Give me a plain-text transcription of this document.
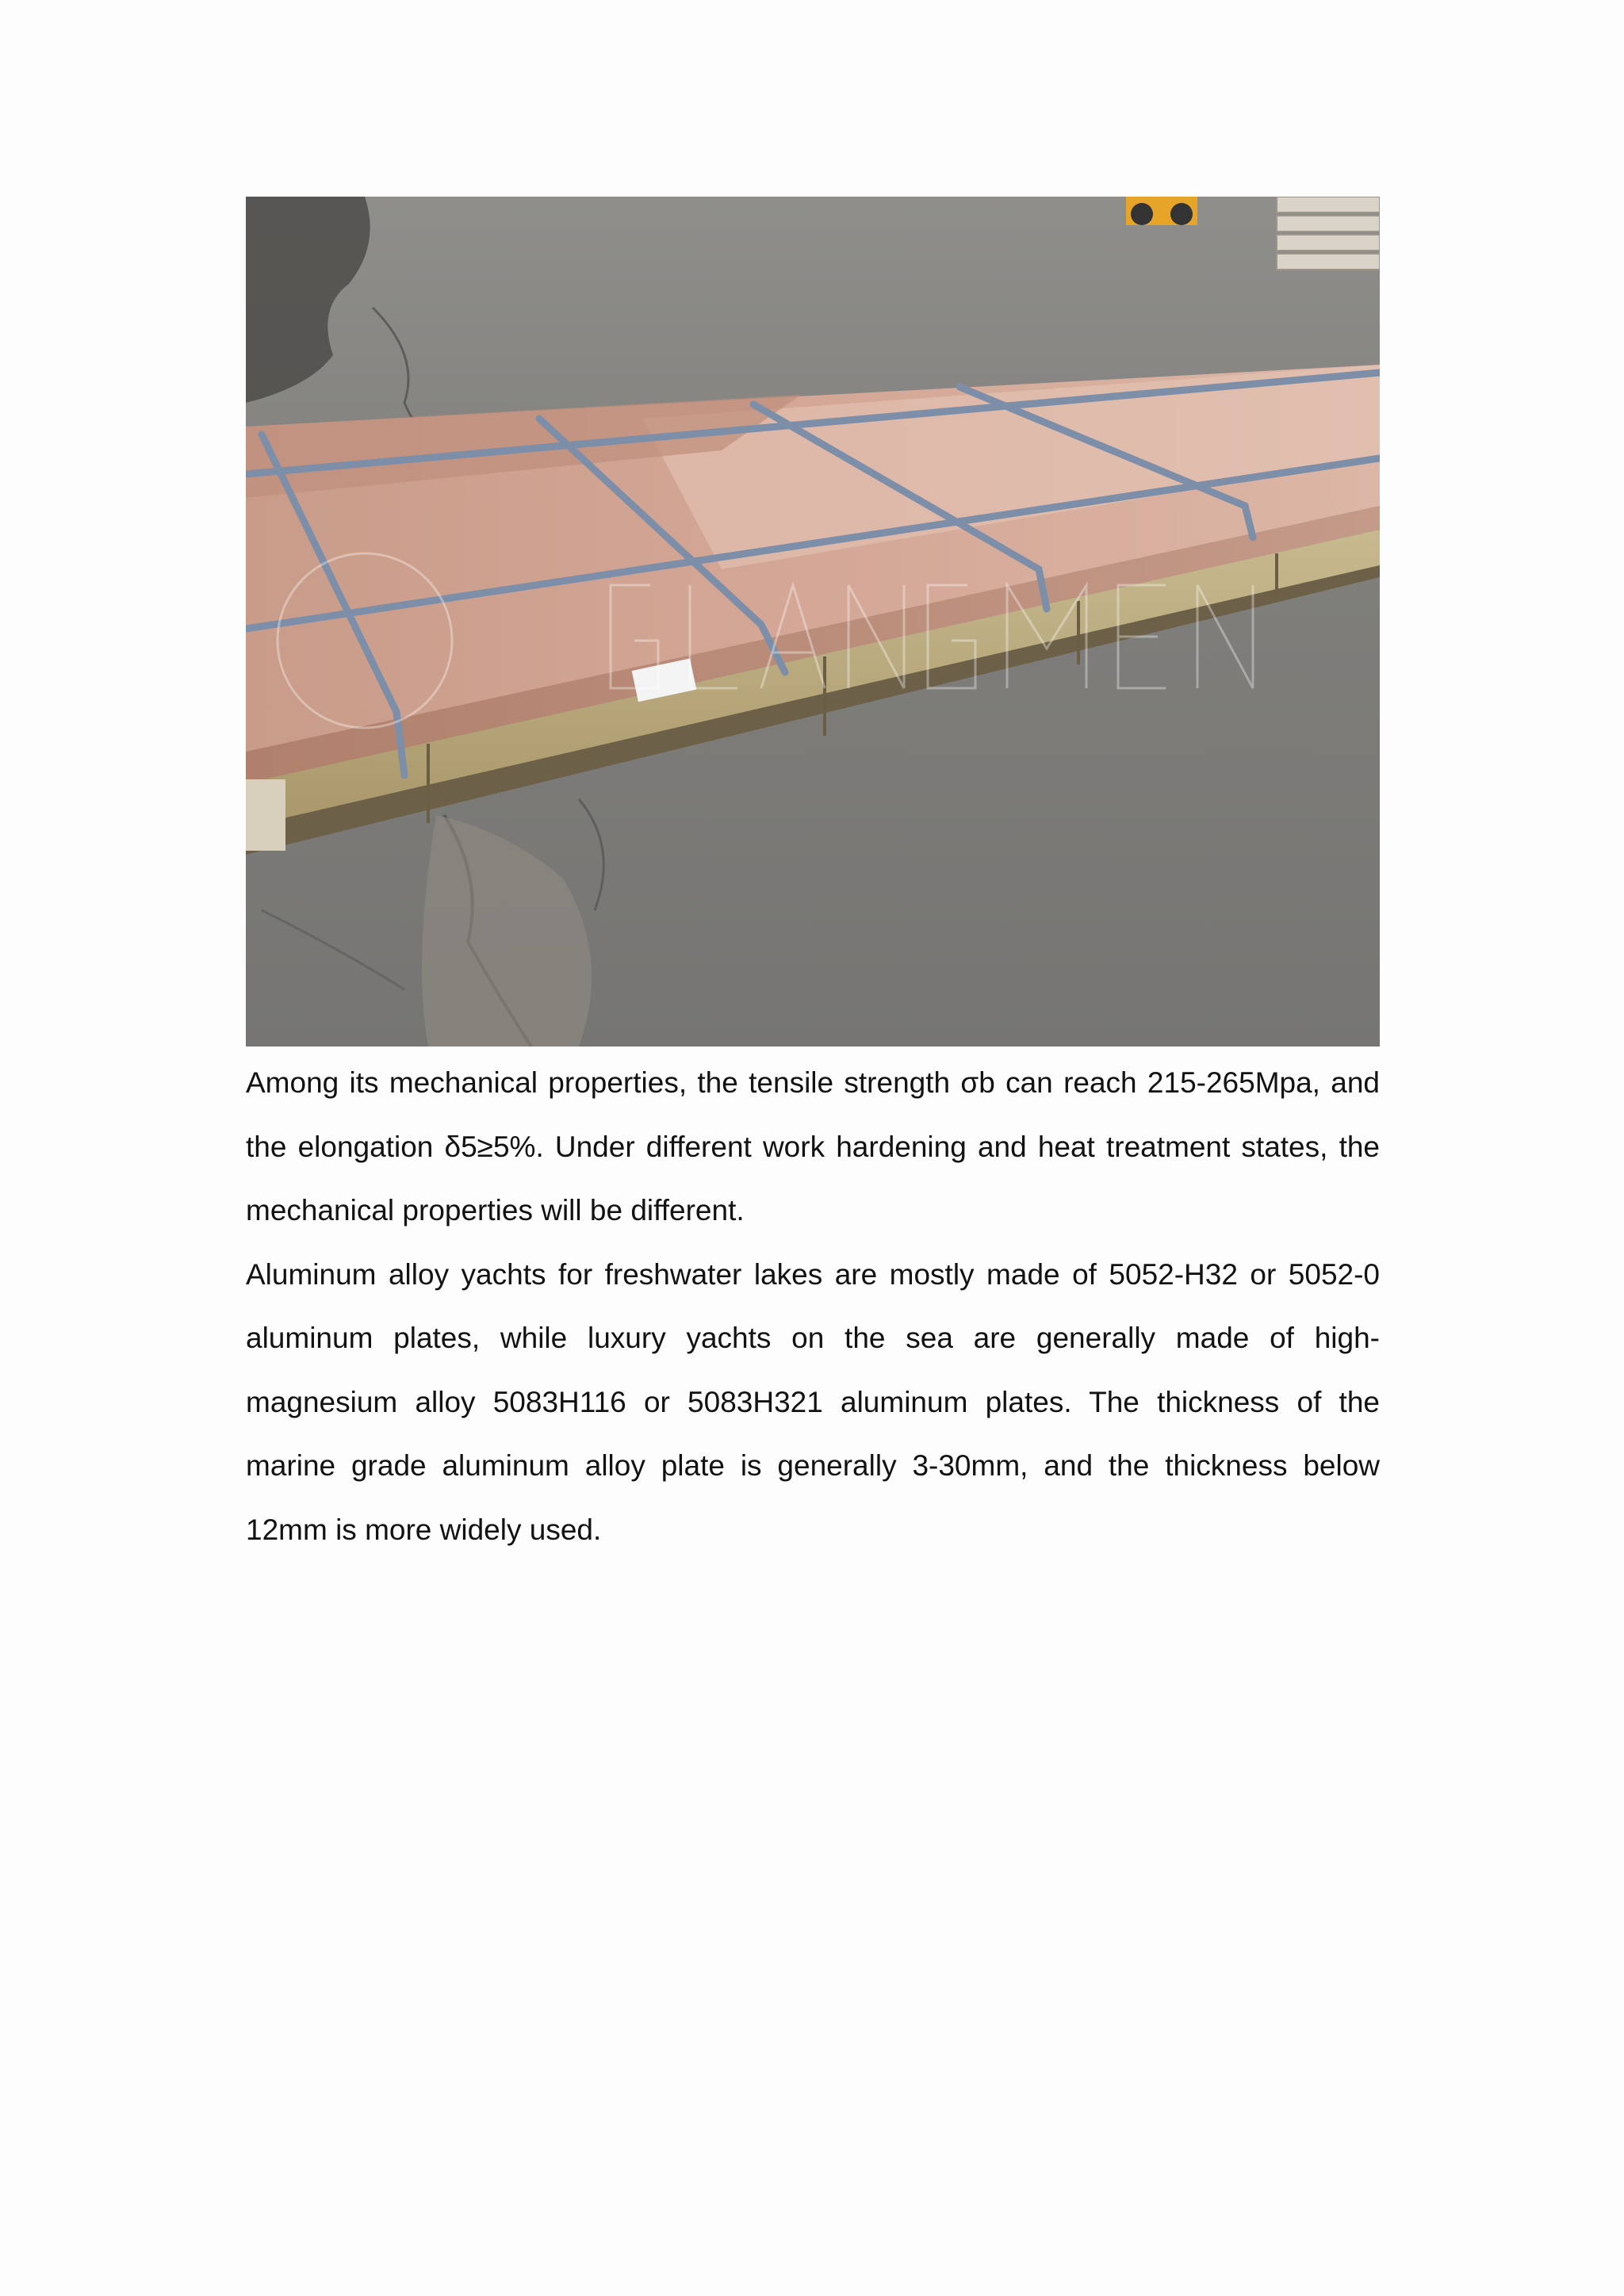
Among its mechanical properties, the tensile strength σb can reach 215-265Mpa, and the elongation δ5≥5%. Under different work hardening and heat treatment states, the mechanical properties will be different.

Aluminum alloy yachts for freshwater lakes are mostly made of 5052-H32 or 5052-0 aluminum plates, while luxury yachts on the sea are generally made of high-magnesium alloy 5083H116 or 5083H321 aluminum plates. The thickness of the marine grade aluminum alloy plate is generally 3-30mm, and the thickness below 12mm is more widely used.
